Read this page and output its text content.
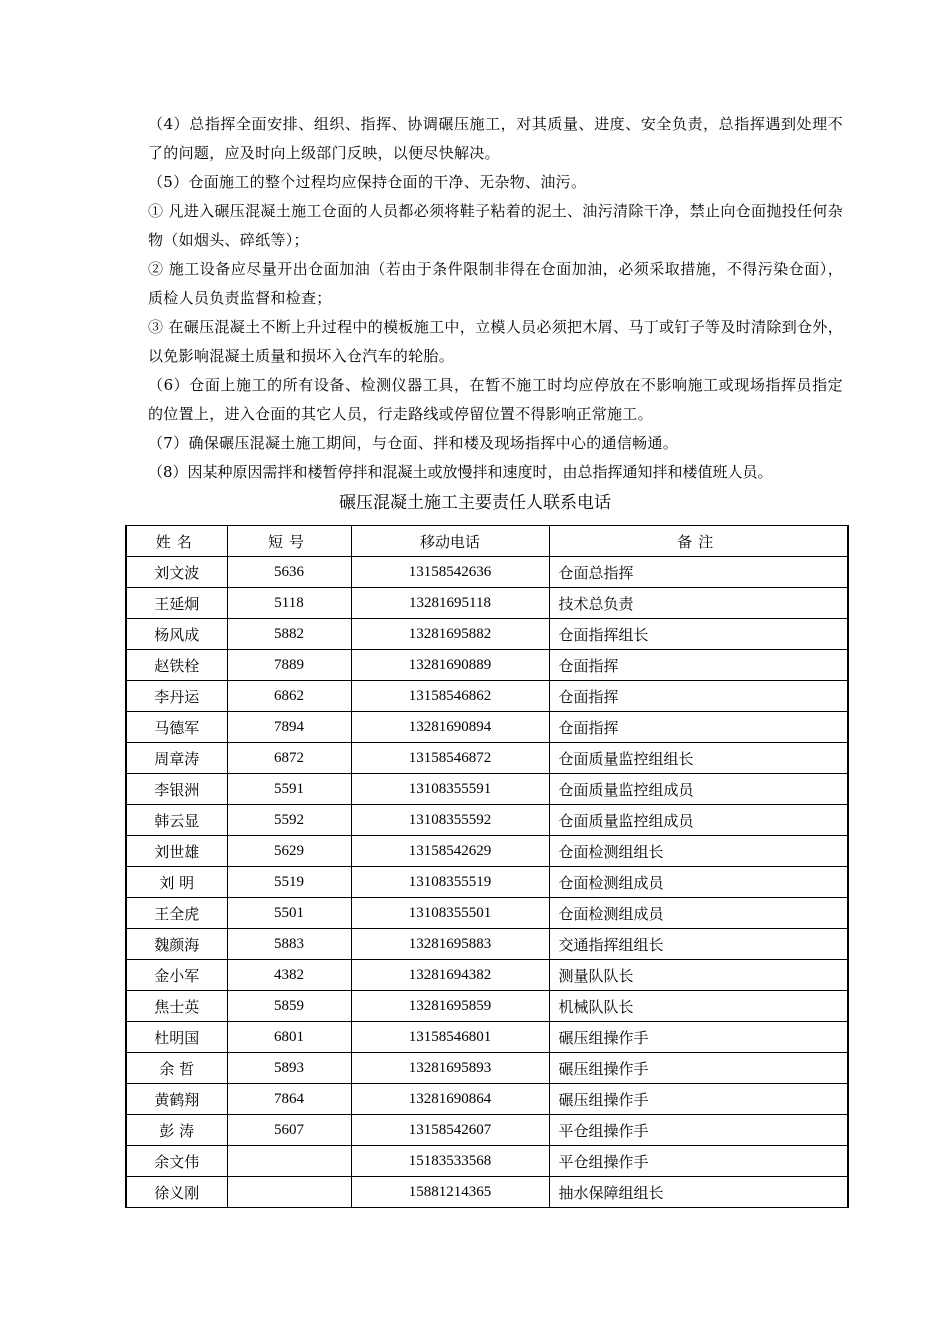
（4）总指挥全面安排、组织、指挥、协调碾压施工，对其质量、进度、安全负责，总指挥遇到处理不了的问题，应及时向上级部门反映，以便尽快解决。
（5）仓面施工的整个过程均应保持仓面的干净、无杂物、油污。
① 凡进入碾压混凝土施工仓面的人员都必须将鞋子粘着的泥土、油污清除干净，禁止向仓面抛投任何杂物（如烟头、碎纸等）；
② 施工设备应尽量开出仓面加油（若由于条件限制非得在仓面加油，必须采取措施，不得污染仓面），质检人员负责监督和检查；
③ 在碾压混凝土不断上升过程中的模板施工中，立模人员必须把木屑、马丁或钉子等及时清除到仓外，以免影响混凝土质量和损坏入仓汽车的轮胎。
（6）仓面上施工的所有设备、检测仪器工具，在暂不施工时均应停放在不影响施工或现场指挥员指定的位置上，进入仓面的其它人员，行走路线或停留位置不得影响正常施工。
（7）确保碾压混凝土施工期间，与仓面、拌和楼及现场指挥中心的通信畅通。
（8）因某种原因需拌和楼暂停拌和混凝土或放慢拌和速度时，由总指挥通知拌和楼值班人员。
碾压混凝土施工主要责任人联系电话
姓名	短号	移动电话	备注
刘文波	5636	13158542636	仓面总指挥
王延炯	5118	13281695118	技术总负责
杨风成	5882	13281695882	仓面指挥组长
赵铁栓	7889	13281690889	仓面指挥
李丹运	6862	13158546862	仓面指挥
马德军	7894	13281690894	仓面指挥
周章涛	6872	13158546872	仓面质量监控组组长
李银洲	5591	13108355591	仓面质量监控组成员
韩云显	5592	13108355592	仓面质量监控组成员
刘世雄	5629	13158542629	仓面检测组组长
刘 明	5519	13108355519	仓面检测组成员
王全虎	5501	13108355501	仓面检测组成员
魏颜海	5883	13281695883	交通指挥组组长
金小军	4382	13281694382	测量队队长
焦士英	5859	13281695859	机械队队长
杜明国	6801	13158546801	碾压组操作手
余 哲	5893	13281695893	碾压组操作手
黄鹤翔	7864	13281690864	碾压组操作手
彭 涛	5607	13158542607	平仓组操作手
余文伟		15183533568	平仓组操作手
徐义刚		15881214365	抽水保障组组长
